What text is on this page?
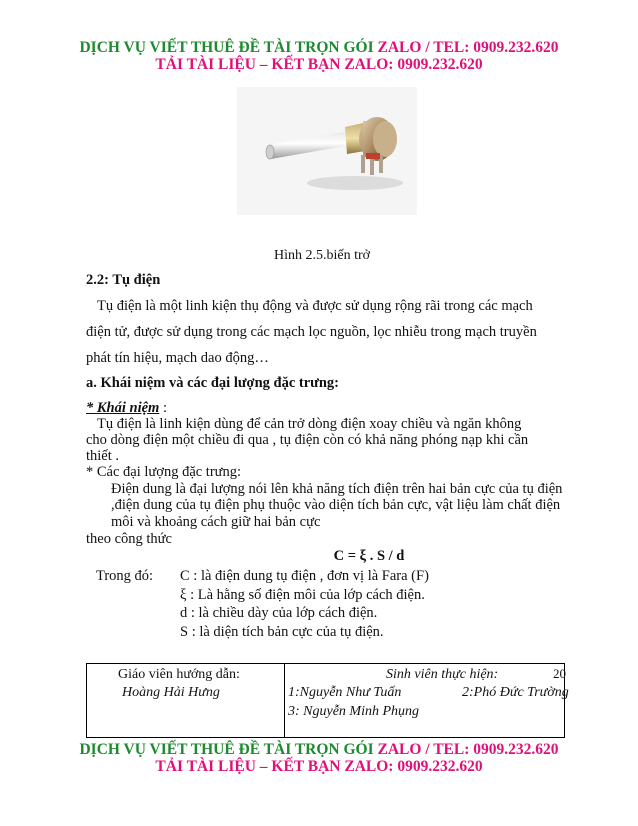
DỊCH VỤ VIẾT THUÊ ĐỀ TÀI TRỌN GÓI ZALO / TEL: 0909.232.620
TẢI TÀI LIỆU – KẾT BẠN ZALO: 0909.232.620
Hình 2.5.biến trở
2.2: Tụ điện
Tụ điện là một linh kiện thụ động và được sử dụng rộng rãi trong các mạch
điện tử, được sử dụng trong các mạch lọc nguồn, lọc nhiễu trong mạch truyền
phát tín hiệu, mạch dao động…
a. Khái niệm và các đại lượng đặc trưng:
* Khái niệm :
Tụ điện là linh kiện dùng để cản trở dòng điện xoay chiều và ngăn không
cho dòng điện một chiều đi qua , tụ điện còn có khả năng phóng nạp khi cần
thiết .
* Các đại lượng đặc trưng:
Điện dung là đại lượng nói lên khả năng tích điện trên hai bản cực của tụ điện
,điện dung của tụ điện phụ thuộc vào diện tích bản cực, vật liệu làm chất điện
môi và khoảng cách giữ hai bản cực
theo công thức
C = ξ . S / d
Trong đó: C : là điện dung tụ điện , đơn vị là Fara (F)
ξ : Là hằng số điện môi của lớp cách điện.
d : là chiều dày của lớp cách điện.
S : là diện tích bản cực của tụ điện.
Giáo viên hướng dẫn:
Hoàng Hải Hưng
Sinh viên thực hiện:	20
1:Nguyễn Như Tuấn	2:Phó Đức Trường
3: Nguyễn Minh Phụng
DỊCH VỤ VIẾT THUÊ ĐỀ TÀI TRỌN GÓI ZALO / TEL: 0909.232.620
TẢI TÀI LIỆU – KẾT BẠN ZALO: 0909.232.620
